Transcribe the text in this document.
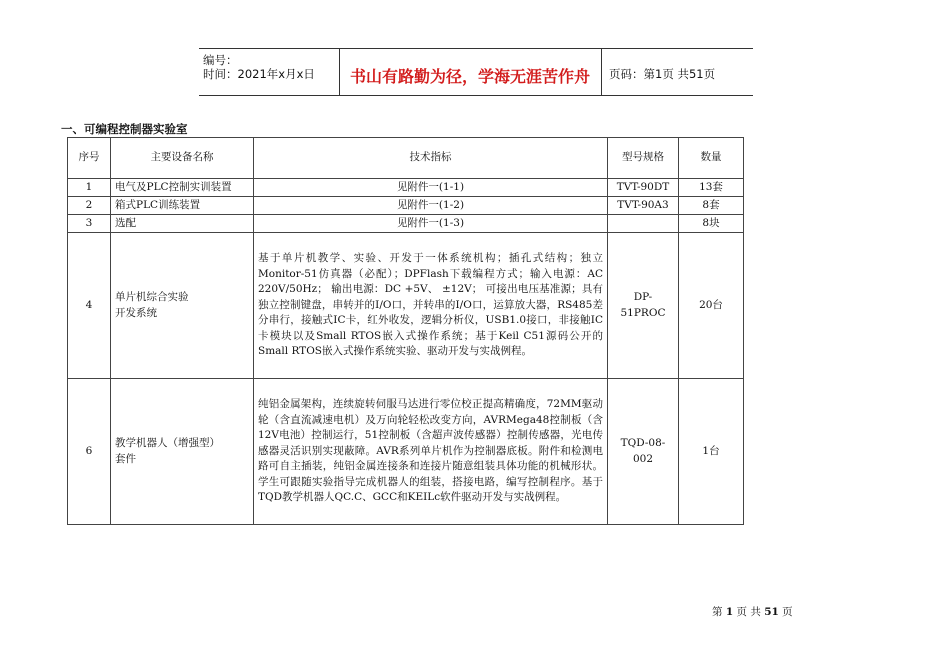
编号：
时间：2021年x月x日	书山有路勤为径，学海无涯苦作舟	页码：第1页 共51页
一、可编程控制器实验室
序号	主要设备名称	技术指标	型号规格	数量
1	电气及PLC控制实训装置	见附件一(1-1)	TVT-90DT	13套
2	箱式PLC训练装置	见附件一(1-2)	TVT-90A3	8套
3	选配	见附件一(1-3)		8块
4	单片机综合实验
开发系统	基于单片机教学、实验、开发于一体系统机构；插孔式结构；独立Monitor-51仿真器（必配）；DPFlash下载编程方式；输入电源：AC 220V/50Hz； 输出电源：DC +5V、 ±12V； 可接出电压基准源；具有独立控制键盘，串转并的I/O口，并转串的I/O口，运算放大器，RS485差分串行，接触式IC卡，红外收发，逻辑分析仪，USB1.0接口，非接触IC卡模块以及Small RTOS嵌入式操作系统；基于Keil C51源码公开的Small RTOS嵌入式操作系统实验、驱动开发与实战例程。	DP-51PROC	20台
6	教学机器人（增强型）
套件	纯铝金属架构，连续旋转伺服马达进行零位校正提高精确度，72MM驱动轮（含直流减速电机）及万向轮轻松改变方向，AVRMega48控制板（含12V电池）控制运行，51控制板（含超声波传感器）控制传感器，光电传感器灵活识别实现蔽障。AVR系列单片机作为控制器底板。附件和检测电路可自主插装，纯铝金属连接条和连接片随意组装具体功能的机械形状。学生可跟随实验指导完成机器人的组装，搭接电路，编写控制程序。基于TQD教学机器人QC.C、GCC和KEILc软件驱动开发与实战例程。	TQD-08-
002	1台
第 1 页 共 51 页
